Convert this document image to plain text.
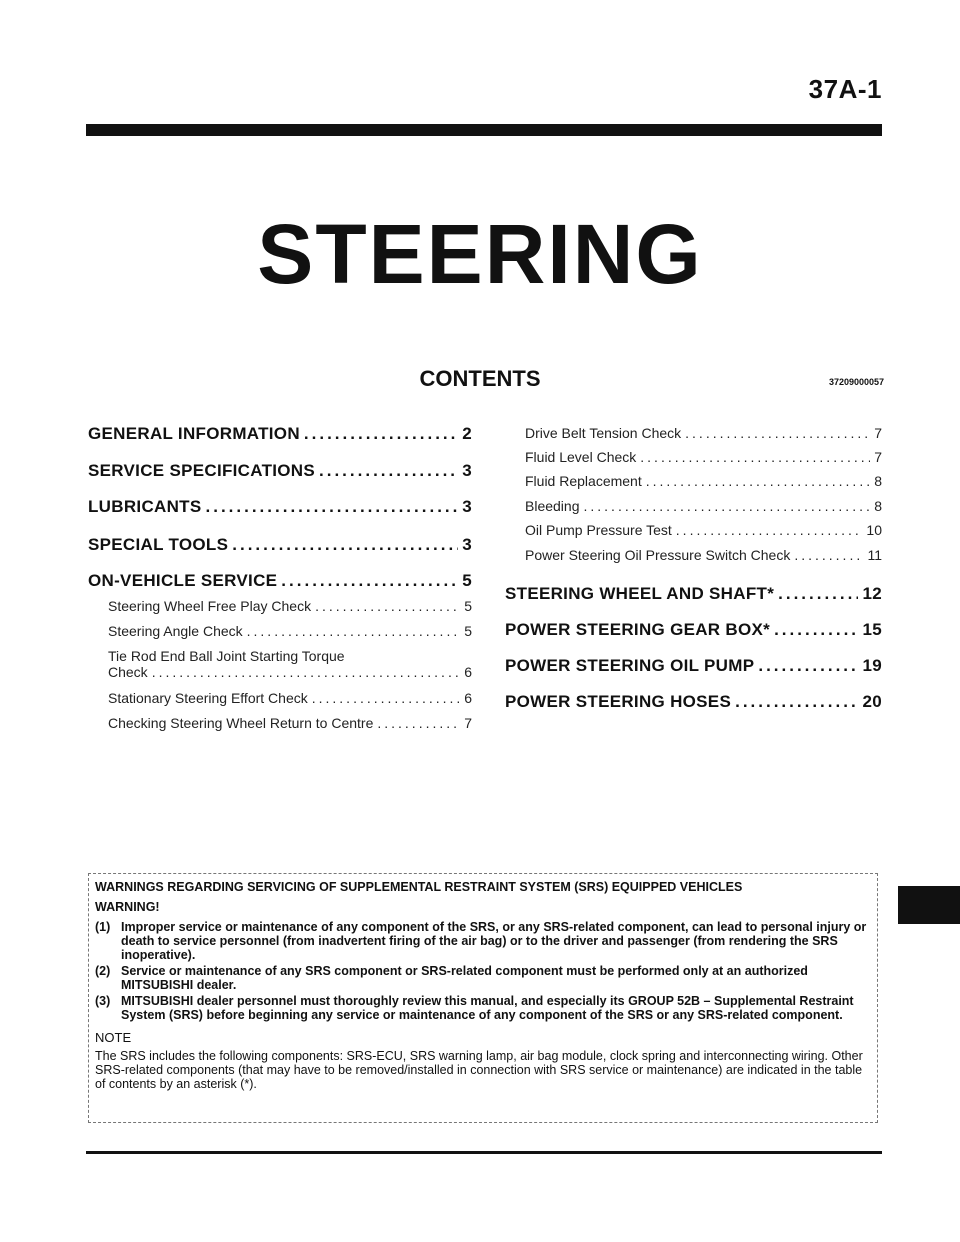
37A-1
STEERING
CONTENTS	37209000057
GENERAL INFORMATION .....	2
SERVICE SPECIFICATIONS .....	3
LUBRICANTS .....	3
SPECIAL TOOLS .....	3
ON-VEHICLE SERVICE .....	5
Steering Wheel Free Play Check .....	5
Steering Angle Check .....	5
Tie Rod End Ball Joint Starting Torque
Check .....	6
Stationary Steering Effort Check .....	6
Checking Steering Wheel Return to Centre .....	7
Drive Belt Tension Check .....	7
Fluid Level Check .....	7
Fluid Replacement .....	8
Bleeding .....	8
Oil Pump Pressure Test .....	10
Power Steering Oil Pressure Switch Check .....	11
STEERING WHEEL AND SHAFT* .....	12
POWER STEERING GEAR BOX* .....	15
POWER STEERING OIL PUMP .....	19
POWER STEERING HOSES .....	20
WARNINGS REGARDING SERVICING OF SUPPLEMENTAL RESTRAINT SYSTEM (SRS) EQUIPPED VEHICLES
WARNING!
(1) Improper service or maintenance of any component of the SRS, or any SRS-related component, can lead to personal injury or death to service personnel (from inadvertent firing of the air bag) or to the driver and passenger (from rendering the SRS inoperative).
(2) Service or maintenance of any SRS component or SRS-related component must be performed only at an authorized MITSUBISHI dealer.
(3) MITSUBISHI dealer personnel must thoroughly review this manual, and especially its GROUP 52B – Supplemental Restraint System (SRS) before beginning any service or maintenance of any component of the SRS or any SRS-related component.
NOTE
The SRS includes the following components: SRS-ECU, SRS warning lamp, air bag module, clock spring and interconnecting wiring. Other SRS-related components (that may have to be removed/installed in connection with SRS service or maintenance) are indicated in the table of contents by an asterisk (*).
